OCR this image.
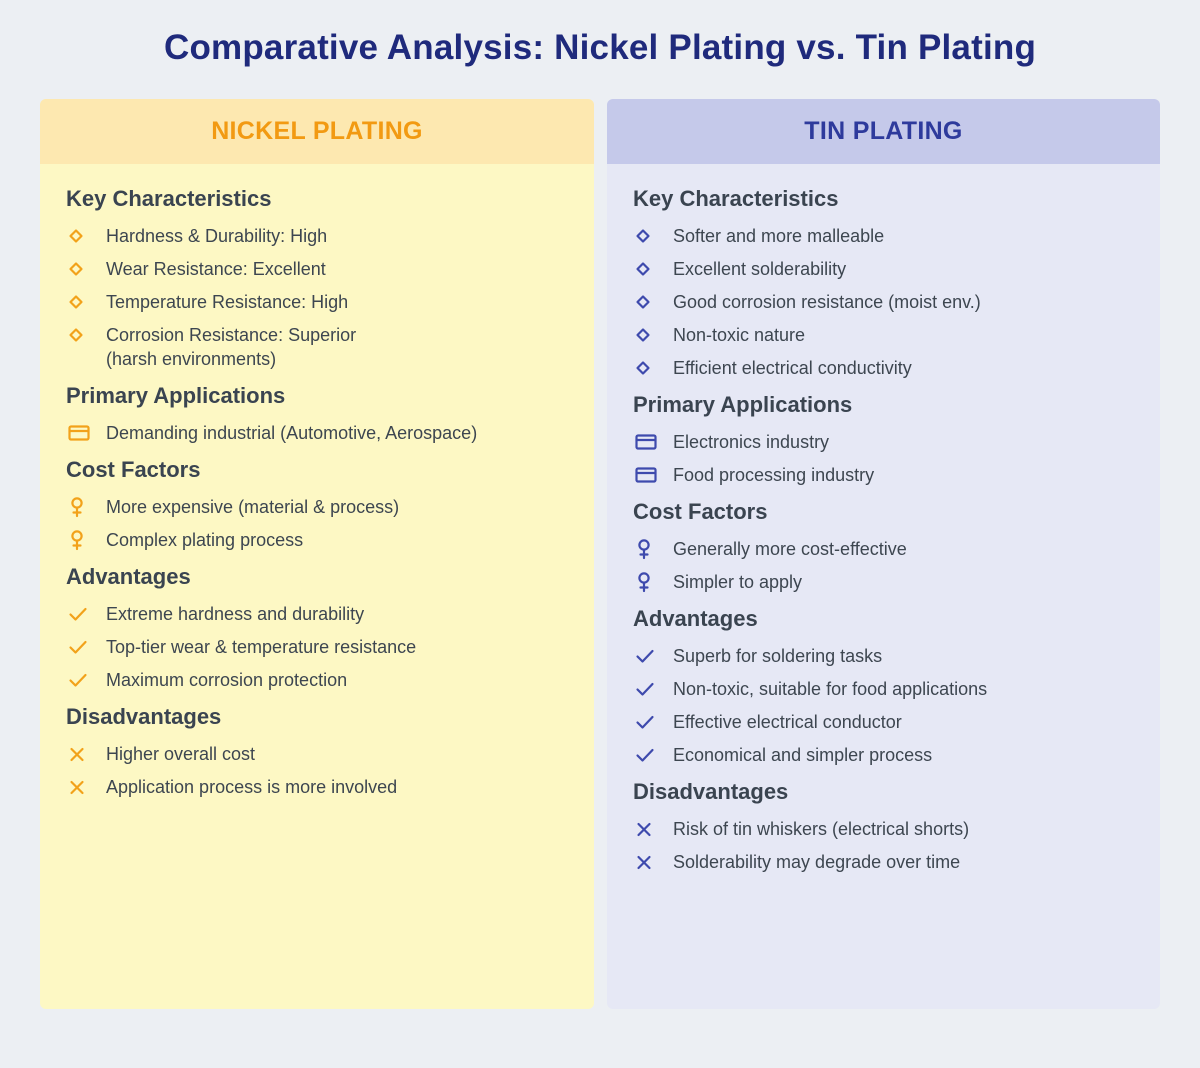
Comparative Analysis: Nickel Plating vs. Tin Plating
NICKEL PLATING
Key Characteristics
Hardness & Durability: High
Wear Resistance: Excellent
Temperature Resistance: High
Corrosion Resistance: Superior (harsh environments)
Primary Applications
Demanding industrial (Automotive, Aerospace)
Cost Factors
More expensive (material & process)
Complex plating process
Advantages
Extreme hardness and durability
Top-tier wear & temperature resistance
Maximum corrosion protection
Disadvantages
Higher overall cost
Application process is more involved
TIN PLATING
Key Characteristics
Softer and more malleable
Excellent solderability
Good corrosion resistance (moist env.)
Non-toxic nature
Efficient electrical conductivity
Primary Applications
Electronics industry
Food processing industry
Cost Factors
Generally more cost-effective
Simpler to apply
Advantages
Superb for soldering tasks
Non-toxic, suitable for food applications
Effective electrical conductor
Economical and simpler process
Disadvantages
Risk of tin whiskers (electrical shorts)
Solderability may degrade over time
